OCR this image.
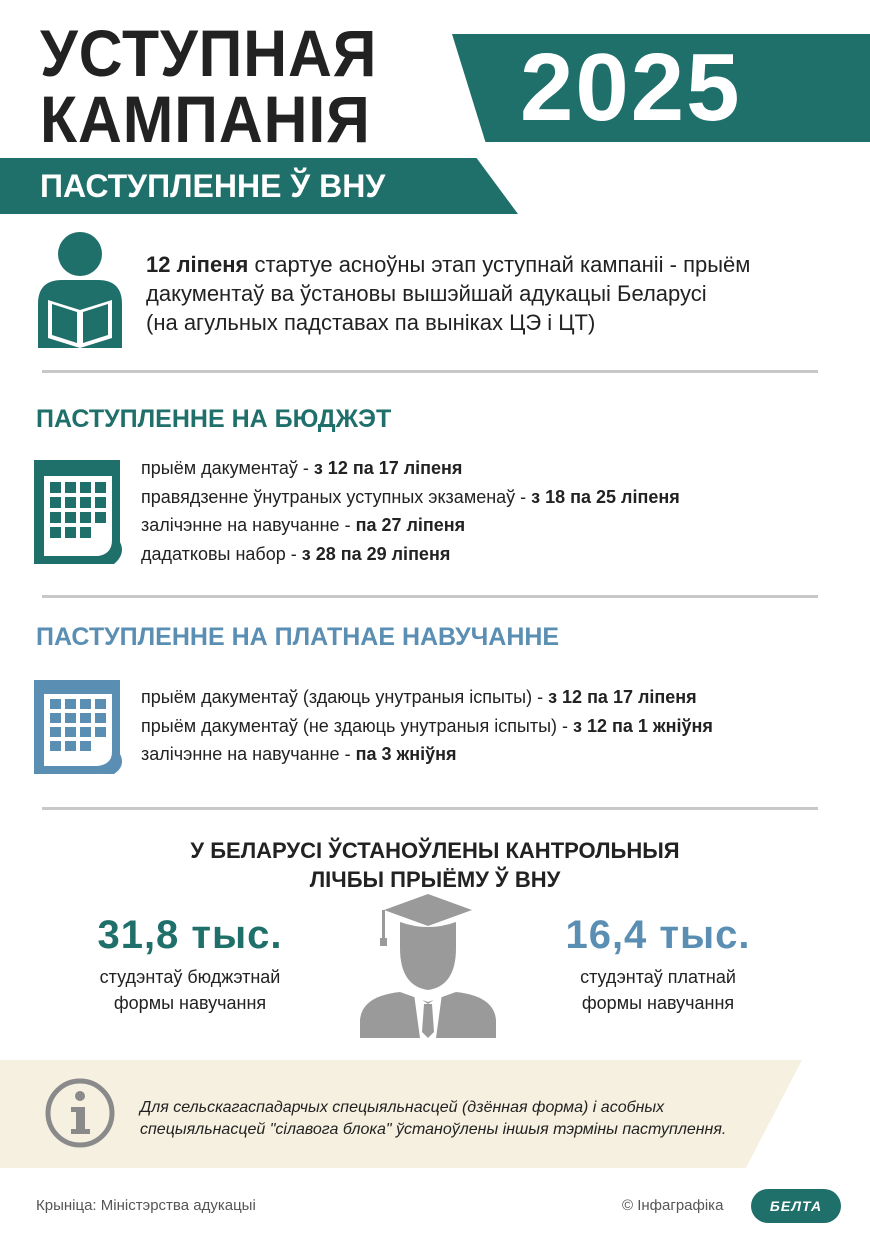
УСТУПНАЯ
КАМПАНІЯ 2025
ПАСТУПЛЕННЕ Ў ВНУ
12 ліпеня стартуе асноўны этап уступнай кампаніі - прыём
дакументаў ва ўстановы вышэйшай адукацыі Беларусі
(на агульных падставах па выніках ЦЭ і ЦТ)
ПАСТУПЛЕННЕ НА БЮДЖЭТ
прыём дакументаў - з 12 па 17 ліпеня
правядзенне ўнутраных уступных экзаменаў - з 18 па 25 ліпеня
залічэнне на навучанне - па 27 ліпеня
дадатковы набор - з 28 па 29 ліпеня
ПАСТУПЛЕННЕ НА ПЛАТНАЕ НАВУЧАННЕ
прыём дакументаў (здаюць унутраныя іспыты) - з 12 па 17 ліпеня
прыём дакументаў (не здаюць унутраныя іспыты) - з 12 па 1 жніўня
залічэнне на навучанне - па 3 жніўня
У БЕЛАРУСІ ЎСТАНОЎЛЕНЫ КАНТРОЛЬНЫЯ
ЛІЧБЫ ПРЫЁМУ Ў ВНУ
31,8 тыс.
студэнтаў бюджэтнай
формы навучання
16,4 тыс.
студэнтаў платнай
формы навучання
Для сельскагаспадарчых спецыяльнасцей (дзённая форма) і асобных
спецыяльнасцей "сілавога блока" ўстаноўлены іншыя тэрміны паступлення.
Крыніца: Міністэрства адукацыі	© Інфаграфіка	БЕЛТА
